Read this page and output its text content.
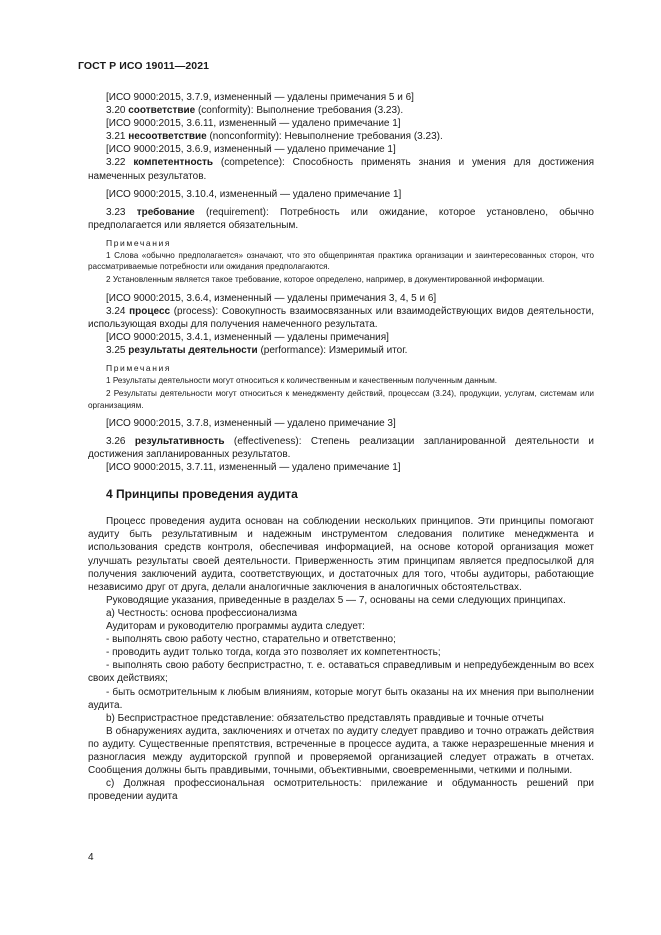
ГОСТ Р ИСО 19011—2021

[ИСО 9000:2015, 3.7.9, измененный — удалены примечания 5 и 6]

3.20 соответствие (conformity): Выполнение требования (3.23).

[ИСО 9000:2015, 3.6.11, измененный — удалено примечание 1]

3.21 несоответствие (nonconformity): Невыполнение требования (3.23).

[ИСО 9000:2015, 3.6.9, измененный — удалено примечание 1]

3.22 компетентность (competence): Способность применять знания и умения для достижения намеченных результатов.

[ИСО 9000:2015, 3.10.4, измененный — удалено примечание 1]

3.23 требование (requirement): Потребность или ожидание, которое установлено, обычно предполагается или является обязательным.

Примечания

1 Слова «обычно предполагается» означают, что это общепринятая практика организации и заинтересованных сторон, что рассматриваемые потребности или ожидания предполагаются.

2 Установленным является такое требование, которое определено, например, в документированной информации.

[ИСО 9000:2015, 3.6.4, измененный — удалены примечания 3, 4, 5 и 6]

3.24 процесс (process): Совокупность взаимосвязанных или взаимодействующих видов деятельности, использующая входы для получения намеченного результата.

[ИСО 9000:2015, 3.4.1, измененный — удалены примечания]

3.25 результаты деятельности (performance): Измеримый итог.

Примечания

1 Результаты деятельности могут относиться к количественным и качественным полученным данным.

2 Результаты деятельности могут относиться к менеджменту действий, процессам (3.24), продукции, услугам, системам или организациям.

[ИСО 9000:2015, 3.7.8, измененный — удалено примечание 3]

3.26 результативность (effectiveness): Степень реализации запланированной деятельности и достижения запланированных результатов.

[ИСО 9000:2015, 3.7.11, измененный — удалено примечание 1]

4 Принципы проведения аудита

Процесс проведения аудита основан на соблюдении нескольких принципов. Эти принципы помогают аудиту быть результативным и надежным инструментом следования политике менеджмента и использования средств контроля, обеспечивая информацией, на основе которой организация может улучшать результаты своей деятельности. Приверженность этим принципам является предпосылкой для получения заключений аудита, соответствующих, и достаточных для того, чтобы аудиторы, работающие независимо друг от друга, делали аналогичные заключения в аналогичных обстоятельствах.

Руководящие указания, приведенные в разделах 5 — 7, основаны на семи следующих принципах.

а) Честность: основа профессионализма

Аудиторам и руководителю программы аудита следует:

- выполнять свою работу честно, старательно и ответственно;

- проводить аудит только тогда, когда это позволяет их компетентность;

- выполнять свою работу беспристрастно, т. е. оставаться справедливым и непредубежденным во всех своих действиях;

- быть осмотрительным к любым влияниям, которые могут быть оказаны на их мнения при выполнении аудита.

b) Беспристрастное представление: обязательство представлять правдивые и точные отчеты

В обнаружениях аудита, заключениях и отчетах по аудиту следует правдиво и точно отражать действия по аудиту. Существенные препятствия, встреченные в процессе аудита, а также неразрешенные мнения и разногласия между аудиторской группой и проверяемой организацией следует отражать в отчетах. Сообщения должны быть правдивыми, точными, объективными, своевременными, четкими и полными.

с) Должная профессиональная осмотрительность: прилежание и обдуманность решений при проведении аудита

4
